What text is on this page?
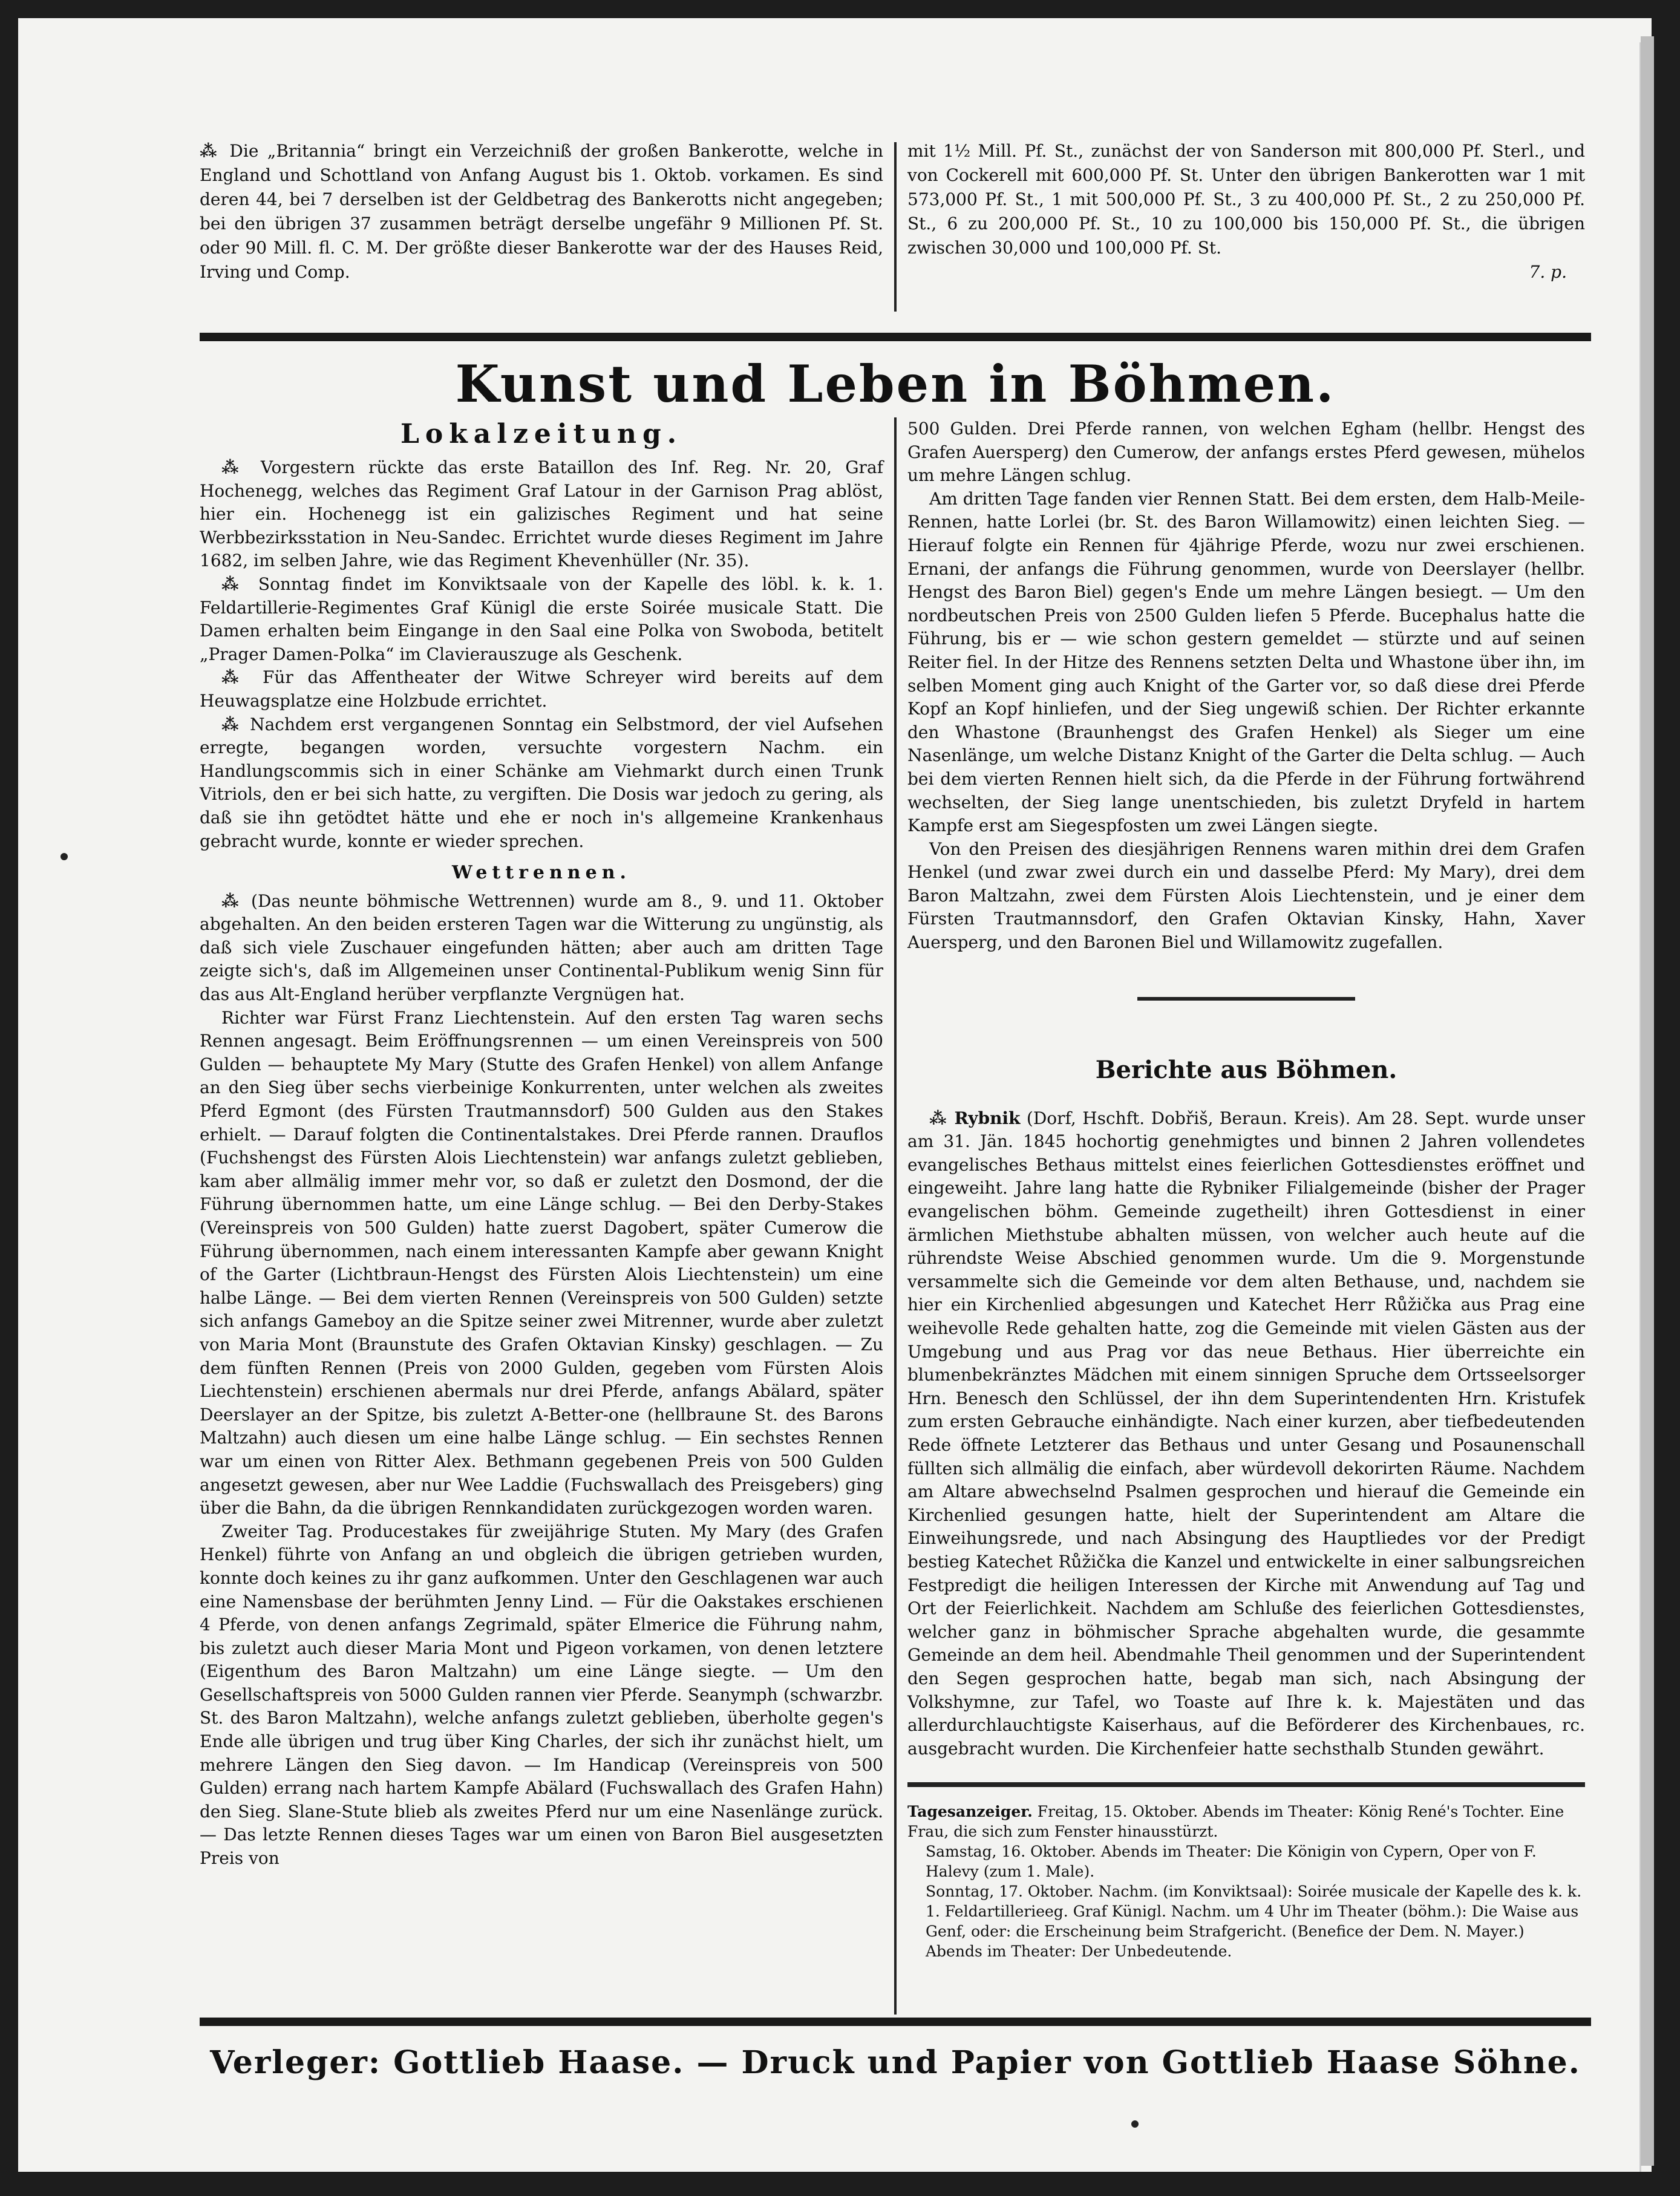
⁂ Die „Britannia“ bringt ein Verzeichniß der großen Bankerotte, welche in England und Schottland von Anfang August bis 1. Oktob. vorkamen. Es sind deren 44, bei 7 derselben ist der Geldbetrag des Bankerotts nicht angegeben; bei den übrigen 37 zusammen beträgt derselbe ungefähr 9 Millionen Pf. St. oder 90 Mill. fl. C. M. Der größte dieser Bankerotte war der des Hauses Reid, Irving und Comp.
mit 1½ Mill. Pf. St., zunächst der von Sanderson mit 800,000 Pf. Sterl., und von Cockerell mit 600,000 Pf. St. Unter den übrigen Bankerotten war 1 mit 573,000 Pf. St., 1 mit 500,000 Pf. St., 3 zu 400,000 Pf. St., 2 zu 250,000 Pf. St., 6 zu 200,000 Pf. St., 10 zu 100,000 bis 150,000 Pf. St., die übrigen zwischen 30,000 und 100,000 Pf. St.
7. p.
Kunst und Leben in Böhmen.
Lokalzeitung.

⁂ Vorgestern rückte das erste Bataillon des Inf. Reg. Nr. 20, Graf Hochenegg, welches das Regiment Graf Latour in der Garnison Prag ablöst, hier ein. Hochenegg ist ein galizisches Regiment und hat seine Werbbezirksstation in Neu-Sandec. Errichtet wurde dieses Regiment im Jahre 1682, im selben Jahre, wie das Regiment Khevenhüller (Nr. 35).

⁂ Sonntag findet im Konviktsaale von der Kapelle des löbl. k. k. 1. Feldartillerie-Regimentes Graf Künigl die erste Soirée musicale Statt. Die Damen erhalten beim Eingange in den Saal eine Polka von Swoboda, betitelt „Prager Damen-Polka“ im Clavierauszuge als Geschenk.

⁂ Für das Affentheater der Witwe Schreyer wird bereits auf dem Heuwagsplatze eine Holzbude errichtet.

⁂ Nachdem erst vergangenen Sonntag ein Selbstmord, der viel Aufsehen erregte, begangen worden, versuchte vorgestern Nachm. ein Handlungscommis sich in einer Schänke am Viehmarkt durch einen Trunk Vitriols, den er bei sich hatte, zu vergiften. Die Dosis war jedoch zu gering, als daß sie ihn getödtet hätte und ehe er noch in's allgemeine Krankenhaus gebracht wurde, konnte er wieder sprechen.

Wettrennen.

⁂ (Das neunte böhmische Wettrennen) wurde am 8., 9. und 11. Oktober abgehalten. An den beiden ersteren Tagen war die Witterung zu ungünstig, als daß sich viele Zuschauer eingefunden hätten; aber auch am dritten Tage zeigte sich's, daß im Allgemeinen unser Continental-Publikum wenig Sinn für das aus Alt-England herüber verpflanzte Vergnügen hat.

Richter war Fürst Franz Liechtenstein. Auf den ersten Tag waren sechs Rennen angesagt. Beim Eröffnungsrennen — um einen Vereinspreis von 500 Gulden — behauptete My Mary (Stutte des Grafen Henkel) von allem Anfange an den Sieg über sechs vierbeinige Konkurrenten, unter welchen als zweites Pferd Egmont (des Fürsten Trautmannsdorf) 500 Gulden aus den Stakes erhielt. — Darauf folgten die Continentalstakes. Drei Pferde rannen. Drauflos (Fuchshengst des Fürsten Alois Liechtenstein) war anfangs zuletzt geblieben, kam aber allmälig immer mehr vor, so daß er zuletzt den Dosmond, der die Führung übernommen hatte, um eine Länge schlug. — Bei den Derby-Stakes (Vereinspreis von 500 Gulden) hatte zuerst Dagobert, später Cumerow die Führung übernommen, nach einem interessanten Kampfe aber gewann Knight of the Garter (Lichtbraun-Hengst des Fürsten Alois Liechtenstein) um eine halbe Länge. — Bei dem vierten Rennen (Vereinspreis von 500 Gulden) setzte sich anfangs Gameboy an die Spitze seiner zwei Mitrenner, wurde aber zuletzt von Maria Mont (Braunstute des Grafen Oktavian Kinsky) geschlagen. — Zu dem fünften Rennen (Preis von 2000 Gulden, gegeben vom Fürsten Alois Liechtenstein) erschienen abermals nur drei Pferde, anfangs Abälard, später Deerslayer an der Spitze, bis zuletzt A-Better-one (hellbraune St. des Barons Maltzahn) auch diesen um eine halbe Länge schlug. — Ein sechstes Rennen war um einen von Ritter Alex. Bethmann gegebenen Preis von 500 Gulden angesetzt gewesen, aber nur Wee Laddie (Fuchswallach des Preisgebers) ging über die Bahn, da die übrigen Rennkandidaten zurückgezogen worden waren.

Zweiter Tag. Producestakes für zweijährige Stuten. My Mary (des Grafen Henkel) führte von Anfang an und obgleich die übrigen getrieben wurden, konnte doch keines zu ihr ganz aufkommen. Unter den Geschlagenen war auch eine Namensbase der berühmten Jenny Lind. — Für die Oakstakes erschienen 4 Pferde, von denen anfangs Zegrimald, später Elmerice die Führung nahm, bis zuletzt auch dieser Maria Mont und Pigeon vorkamen, von denen letztere (Eigenthum des Baron Maltzahn) um eine Länge siegte. — Um den Gesellschaftspreis von 5000 Gulden rannen vier Pferde. Seanymph (schwarzbr. St. des Baron Maltzahn), welche anfangs zuletzt geblieben, überholte gegen's Ende alle übrigen und trug über King Charles, der sich ihr zunächst hielt, um mehrere Längen den Sieg davon. — Im Handicap (Vereinspreis von 500 Gulden) errang nach hartem Kampfe Abälard (Fuchswallach des Grafen Hahn) den Sieg. Slane-Stute blieb als zweites Pferd nur um eine Nasenlänge zurück. — Das letzte Rennen dieses Tages war um einen von Baron Biel ausgesetzten Preis von

500 Gulden. Drei Pferde rannen, von welchen Egham (hellbr. Hengst des Grafen Auersperg) den Cumerow, der anfangs erstes Pferd gewesen, mühelos um mehre Längen schlug.

Am dritten Tage fanden vier Rennen Statt. Bei dem ersten, dem Halb-Meile-Rennen, hatte Lorlei (br. St. des Baron Willamowitz) einen leichten Sieg. — Hierauf folgte ein Rennen für 4jährige Pferde, wozu nur zwei erschienen. Ernani, der anfangs die Führung genommen, wurde von Deerslayer (hellbr. Hengst des Baron Biel) gegen's Ende um mehre Längen besiegt. — Um den nordbeutschen Preis von 2500 Gulden liefen 5 Pferde. Bucephalus hatte die Führung, bis er — wie schon gestern gemeldet — stürzte und auf seinen Reiter fiel. In der Hitze des Rennens setzten Delta und Whastone über ihn, im selben Moment ging auch Knight of the Garter vor, so daß diese drei Pferde Kopf an Kopf hinliefen, und der Sieg ungewiß schien. Der Richter erkannte den Whastone (Braunhengst des Grafen Henkel) als Sieger um eine Nasenlänge, um welche Distanz Knight of the Garter die Delta schlug. — Auch bei dem vierten Rennen hielt sich, da die Pferde in der Führung fortwährend wechselten, der Sieg lange unentschieden, bis zuletzt Dryfeld in hartem Kampfe erst am Siegespfosten um zwei Längen siegte.

Von den Preisen des diesjährigen Rennens waren mithin drei dem Grafen Henkel (und zwar zwei durch ein und dasselbe Pferd: My Mary), drei dem Baron Maltzahn, zwei dem Fürsten Alois Liechtenstein, und je einer dem Fürsten Trautmannsdorf, den Grafen Oktavian Kinsky, Hahn, Xaver Auersperg, und den Baronen Biel und Willamowitz zugefallen.

Berichte aus Böhmen.

⁂ Rybnik (Dorf, Hschft. Dobřiš, Beraun. Kreis). Am 28. Sept. wurde unser am 31. Jän. 1845 hochortig genehmigtes und binnen 2 Jahren vollendetes evangelisches Bethaus mittelst eines feierlichen Gottesdienstes eröffnet und eingeweiht. Jahre lang hatte die Rybniker Filialgemeinde (bisher der Prager evangelischen böhm. Gemeinde zugetheilt) ihren Gottesdienst in einer ärmlichen Miethstube abhalten müssen, von welcher auch heute auf die rührendste Weise Abschied genommen wurde. Um die 9. Morgenstunde versammelte sich die Gemeinde vor dem alten Bethause, und, nachdem sie hier ein Kirchenlied abgesungen und Katechet Herr Růžička aus Prag eine weihevolle Rede gehalten hatte, zog die Gemeinde mit vielen Gästen aus der Umgebung und aus Prag vor das neue Bethaus. Hier überreichte ein blumenbekränztes Mädchen mit einem sinnigen Spruche dem Ortsseelsorger Hrn. Benesch den Schlüssel, der ihn dem Superintendenten Hrn. Kristufek zum ersten Gebrauche einhändigte. Nach einer kurzen, aber tiefbedeutenden Rede öffnete Letzterer das Bethaus und unter Gesang und Posaunenschall füllten sich allmälig die einfach, aber würdevoll dekorirten Räume. Nachdem am Altare abwechselnd Psalmen gesprochen und hierauf die Gemeinde ein Kirchenlied gesungen hatte, hielt der Superintendent am Altare die Einweihungsrede, und nach Absingung des Hauptliedes vor der Predigt bestieg Katechet Růžička die Kanzel und entwickelte in einer salbungsreichen Festpredigt die heiligen Interessen der Kirche mit Anwendung auf Tag und Ort der Feierlichkeit. Nachdem am Schluße des feierlichen Gottesdienstes, welcher ganz in böhmischer Sprache abgehalten wurde, die gesammte Gemeinde an dem heil. Abendmahle Theil genommen und der Superintendent den Segen gesprochen hatte, begab man sich, nach Absingung der Volkshymne, zur Tafel, wo Toaste auf Ihre k. k. Majestäten und das allerdurchlauchtigste Kaiserhaus, auf die Beförderer des Kirchenbaues, rc. ausgebracht wurden. Die Kirchenfeier hatte sechsthalb Stunden gewährt.

Tagesanzeiger. Freitag, 15. Oktober. Abends im Theater: König René's Tochter. Eine Frau, die sich zum Fenster hinausstürzt.

Samstag, 16. Oktober. Abends im Theater: Die Königin von Cypern, Oper von F. Halevy (zum 1. Male).

Sonntag, 17. Oktober. Nachm. (im Konviktsaal): Soirée musicale der Kapelle des k. k. 1. Feldartillerieeg. Graf Künigl. Nachm. um 4 Uhr im Theater (böhm.): Die Waise aus Genf, oder: die Erscheinung beim Strafgericht. (Benefice der Dem. N. Mayer.) Abends im Theater: Der Unbedeutende.

Verleger: Gottlieb Haase. — Druck und Papier von Gottlieb Haase Söhne.
